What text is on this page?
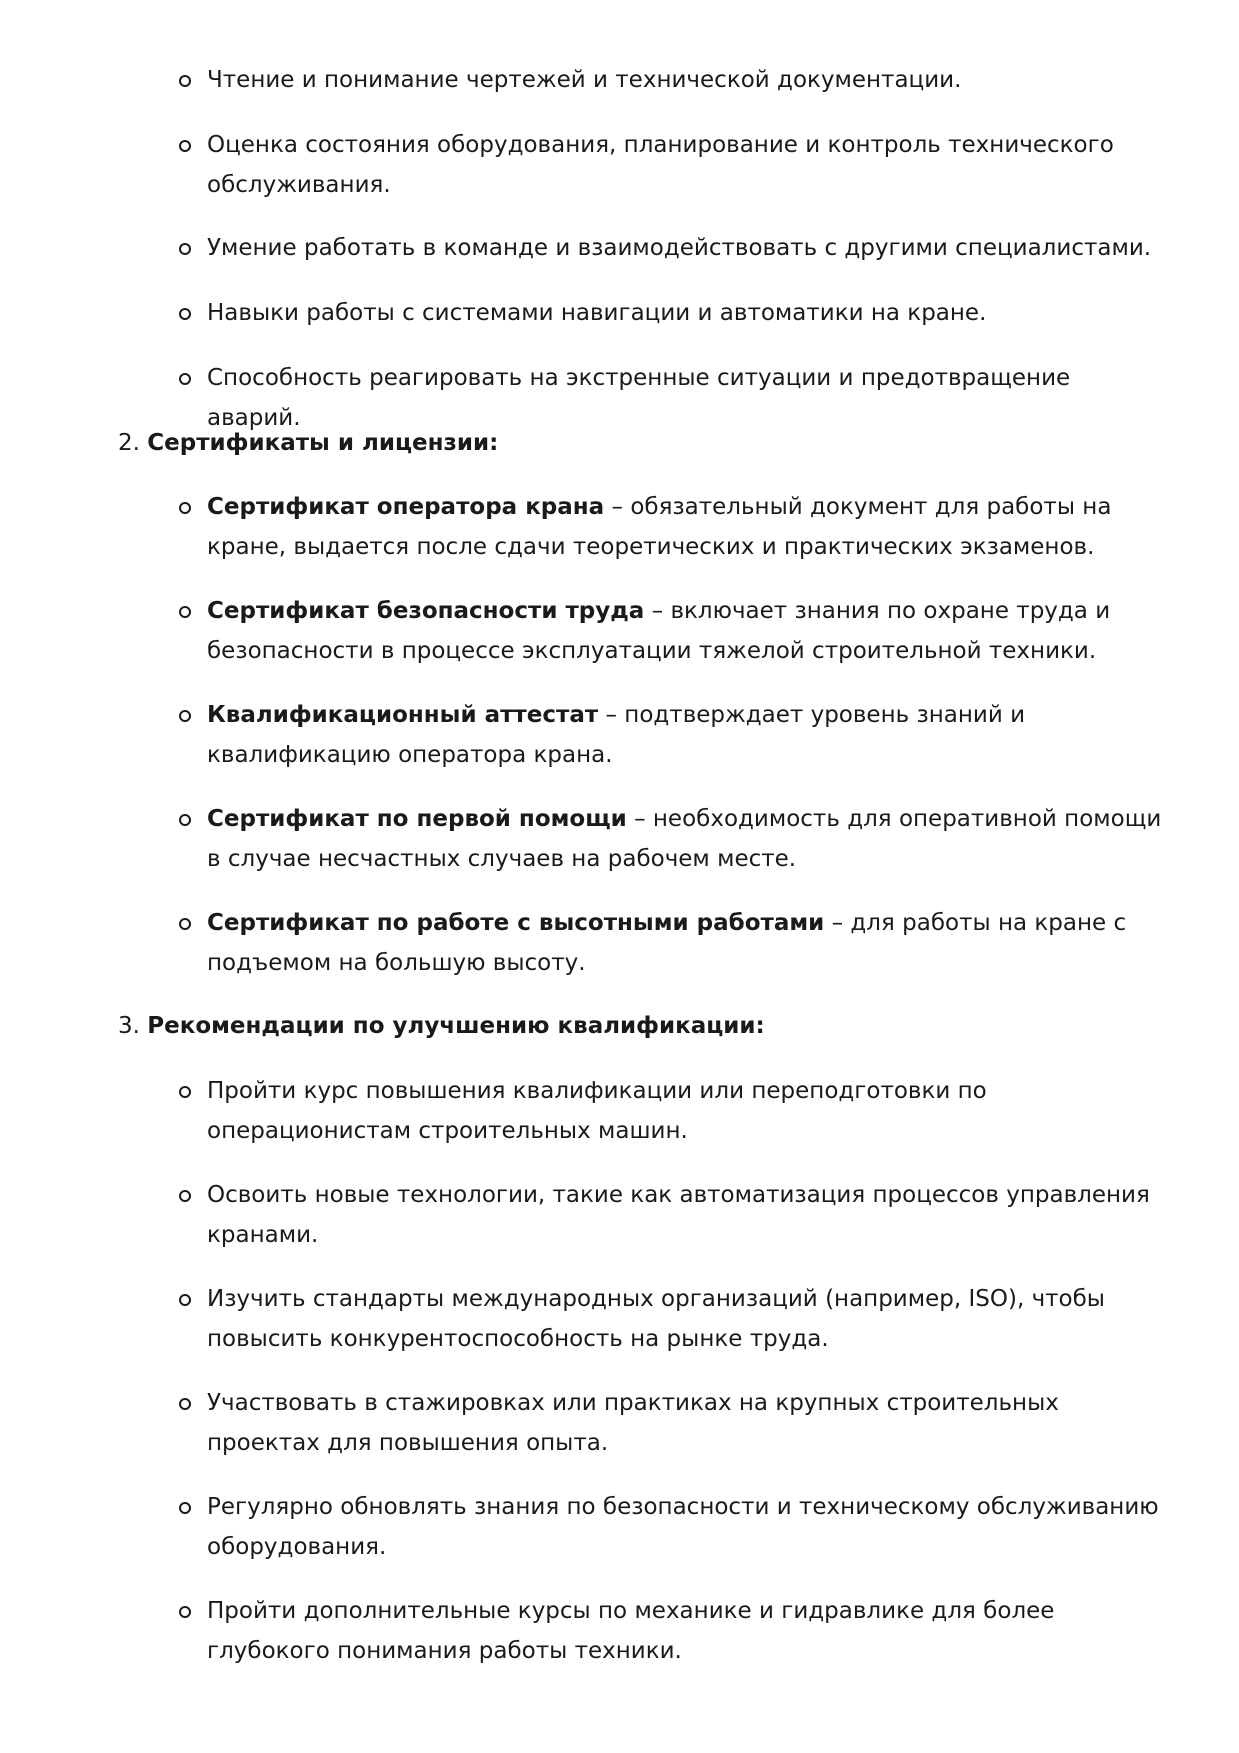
Чтение и понимание чертежей и технической документации.
Оценка состояния оборудования, планирование и контроль технического обслуживания.
Умение работать в команде и взаимодействовать с другими специалистами.
Навыки работы с системами навигации и автоматики на кране.
Способность реагировать на экстренные ситуации и предотвращение аварий.
2. Сертификаты и лицензии:
Сертификат оператора крана – обязательный документ для работы на кране, выдается после сдачи теоретических и практических экзаменов.
Сертификат безопасности труда – включает знания по охране труда и безопасности в процессе эксплуатации тяжелой строительной техники.
Квалификационный аттестат – подтверждает уровень знаний и квалификацию оператора крана.
Сертификат по первой помощи – необходимость для оперативной помощи в случае несчастных случаев на рабочем месте.
Сертификат по работе с высотными работами – для работы на кране с подъемом на большую высоту.
3. Рекомендации по улучшению квалификации:
Пройти курс повышения квалификации или переподготовки по операционистам строительных машин.
Освоить новые технологии, такие как автоматизация процессов управления кранами.
Изучить стандарты международных организаций (например, ISO), чтобы повысить конкурентоспособность на рынке труда.
Участвовать в стажировках или практиках на крупных строительных проектах для повышения опыта.
Регулярно обновлять знания по безопасности и техническому обслуживанию оборудования.
Пройти дополнительные курсы по механике и гидравлике для более глубокого понимания работы техники.
